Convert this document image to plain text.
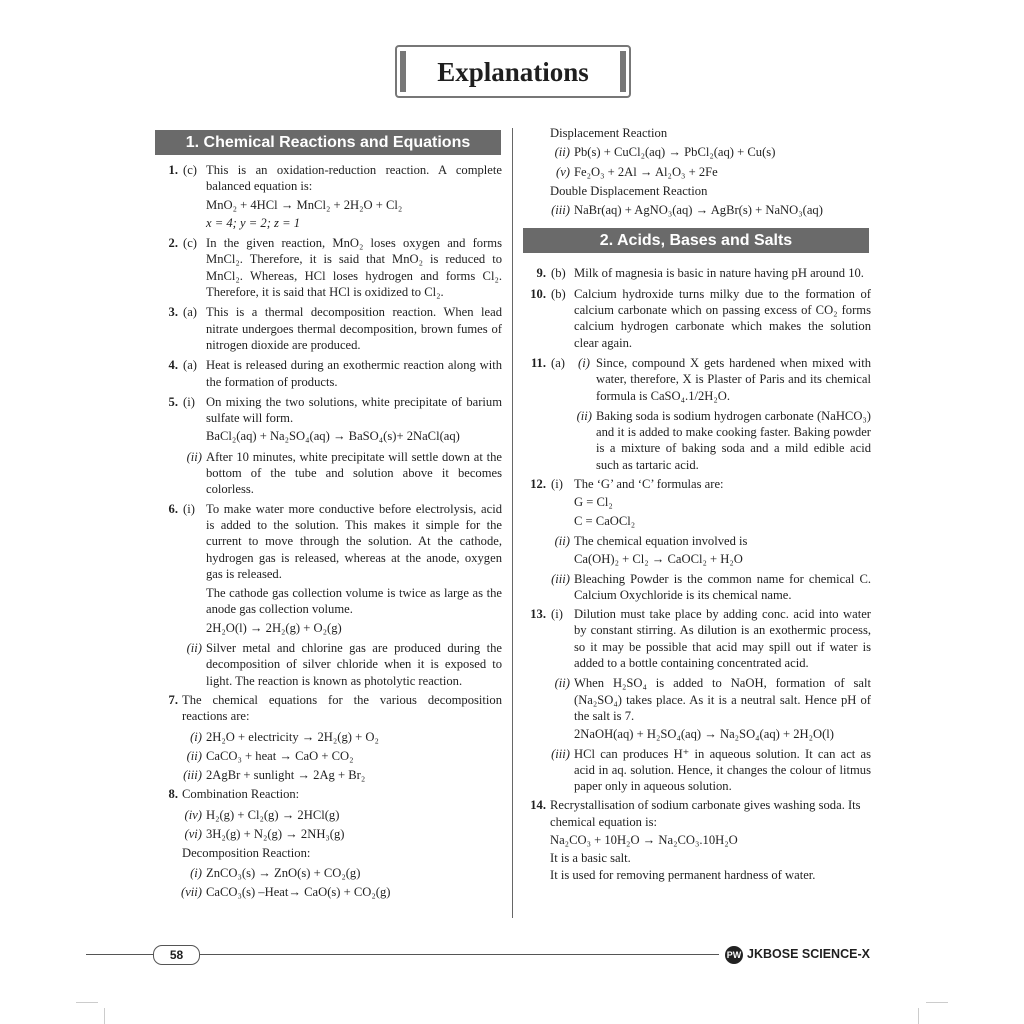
Explanations
1. Chemical Reactions and Equations
1. (c) This is an oxidation-reduction reaction. A complete balanced equation is:
MnO₂ + 4HCl → MnCl₂ + 2H₂O + Cl₂
x = 4; y = 2; z = 1
2. (c) In the given reaction, MnO₂ loses oxygen and forms MnCl₂. Therefore, it is said that MnO₂ is reduced to MnCl₂. Whereas, HCl loses hydrogen and forms Cl₂. Therefore, it is said that HCl is oxidized to Cl₂.
3. (a) This is a thermal decomposition reaction. When lead nitrate undergoes thermal decomposition, brown fumes of nitrogen dioxide are produced.
4. (a) Heat is released during an exothermic reaction along with the formation of products.
5. (i) On mixing the two solutions, white precipitate of barium sulfate will form.
BaCl₂(aq) + Na₂SO₄(aq) → BaSO₄(s)+ 2NaCl(aq)
(ii) After 10 minutes, white precipitate will settle down at the bottom of the tube and solution above it becomes colorless.
6. (i) To make water more conductive before electrolysis, acid is added to the solution. This makes it simple for the current to move through the solution. At the cathode, hydrogen gas is released, whereas at the anode, oxygen gas is released.
The cathode gas collection volume is twice as large as the anode gas collection volume.
2H₂O(l) → 2H₂(g) + O₂(g)
(ii) Silver metal and chlorine gas are produced during the decomposition of silver chloride when it is exposed to light. The reaction is known as photolytic reaction.
7. The chemical equations for the various decomposition reactions are:
(i) 2H₂O + electricity → 2H₂(g) + O₂
(ii) CaCO₃ + heat → CaO + CO₂
(iii) 2AgBr + sunlight → 2Ag + Br₂
8. Combination Reaction:
(iv) H₂(g) + Cl₂(g) → 2HCl(g)
(vi) 3H₂(g) + N₂(g) → 2NH₃(g)
Decomposition Reaction:
(i) ZnCO₃(s) → ZnO(s) + CO₂(g)
(vii) CaCO₃(s) –Heat→ CaO(s) + CO₂(g)
Displacement Reaction
(ii) Pb(s) + CuCl₂(aq) → PbCl₂(aq) + Cu(s)
(v) Fe₂O₃ + 2Al → Al₂O₃ + 2Fe
Double Displacement Reaction
(iii) NaBr(aq) + AgNO₃(aq) → AgBr(s) + NaNO₃(aq)
2. Acids, Bases and Salts
9. (b) Milk of magnesia is basic in nature having pH around 10.
10. (b) Calcium hydroxide turns milky due to the formation of calcium carbonate which on passing excess of CO₂ forms calcium hydrogen carbonate which makes the solution clear again.
11. (a) (i) Since, compound X gets hardened when mixed with water, therefore, X is Plaster of Paris and its chemical formula is CaSO₄.1/2H₂O.
(ii) Baking soda is sodium hydrogen carbonate (NaHCO₃) and it is added to make cooking faster. Baking powder is a mixture of baking soda and a mild edible acid such as tartaric acid.
12. (i) The ‘G’ and ‘C’ formulas are:
G = Cl₂
C = CaOCl₂
(ii) The chemical equation involved is
Ca(OH)₂ + Cl₂ → CaOCl₂ + H₂O
(iii) Bleaching Powder is the common name for chemical C. Calcium Oxychloride is its chemical name.
13. (i) Dilution must take place by adding conc. acid into water by constant stirring. As dilution is an exothermic process, so it may be possible that acid may spill out if water is added to a bottle containing concentrated acid.
(ii) When H₂SO₄ is added to NaOH, formation of salt (Na₂SO₄) takes place. As it is a neutral salt. Hence pH of the salt is 7.
2NaOH(aq) + H₂SO₄(aq) → Na₂SO₄(aq) + 2H₂O(l)
(iii) HCl can produces H⁺ in aqueous solution. It can act as acid in aq. solution. Hence, it changes the colour of litmus paper only in aqueous solution.
14. Recrystallisation of sodium carbonate gives washing soda. Its chemical equation is:
Na₂CO₃ + 10H₂O → Na₂CO₃.10H₂O
It is a basic salt.
It is used for removing permanent hardness of water.
58	PW JKBOSE SCIENCE-X
